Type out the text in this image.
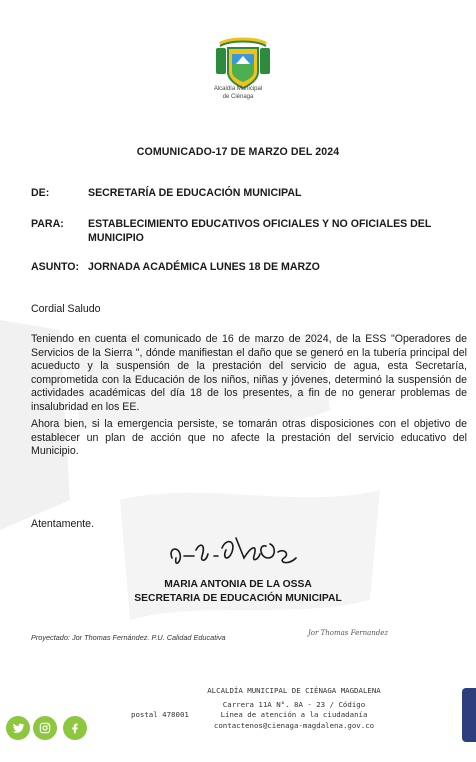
Alcaldía Municipal
de Ciénaga
COMUNICADO-17 DE MARZO DEL 2024
DE:	SECRETARÍA DE EDUCACIÓN MUNICIPAL
PARA: ESTABLECIMIENTO EDUCATIVOS OFICIALES Y NO OFICIALES DEL
MUNICIPIO
ASUNTO: JORNADA ACADÉMICA LUNES 18 DE MARZO
Cordial Saludo
Teniendo en cuenta el comunicado de 16 de marzo de 2024, de la ESS "Operadores de Servicios de la Sierra ", dónde manifiestan el daño que se generó en la tubería principal del acueducto y la suspensión de la prestación del servicio de agua, esta Secretaría, comprometida con la Educación de los niños, niñas y jóvenes, determinó la suspensión de actividades académicas del día 18 de los presentes, a fin de no generar problemas de insalubridad en los EE.
Ahora bien, si la emergencia persiste, se tomarán otras disposiciones con el objetivo de establecer un plan de acción que no afecte la prestación del servicio educativo del Municipio.
Atentamente.
MARIA ANTONIA DE LA OSSA
SECRETARIA DE EDUCACIÓN MUNICIPAL
Proyectado: Jor Thomas Fernández. P.U. Calidad Educativa	Jor Thomas Fernandez
ALCALDÍA MUNICIPAL DE CIÉNAGA MAGDALENA
Carrera 11A N°. 8A - 23 / Código
postal 478001	Línea de atención a la ciudadanía
contactenos@cienaga-magdalena.gov.co
